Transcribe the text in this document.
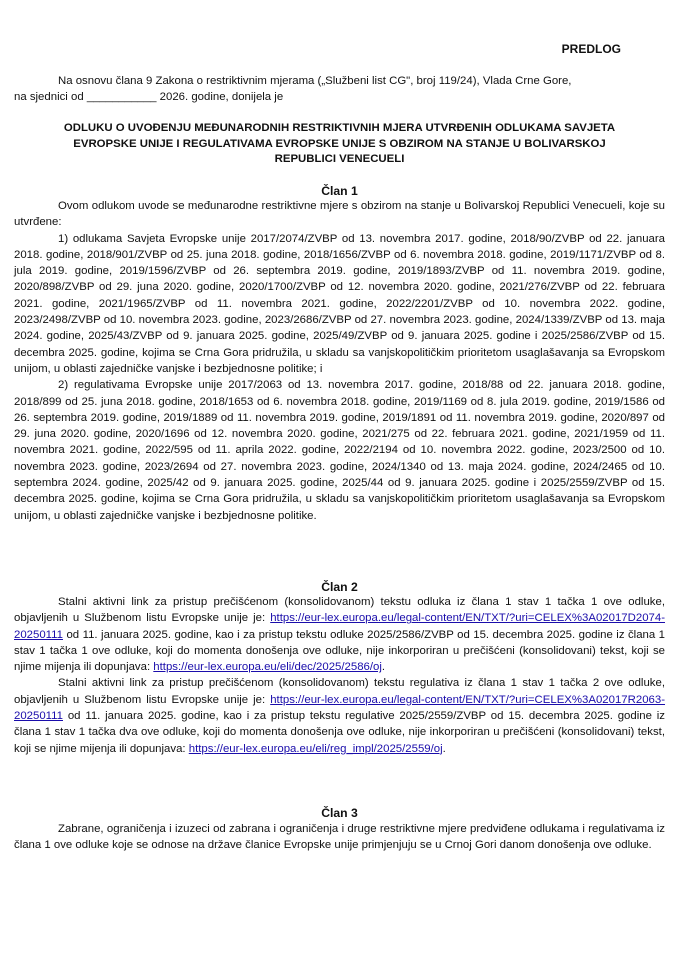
PREDLOG

Na osnovu člana 9 Zakona o restriktivnim mjerama („Službeni list CG", broj 119/24), Vlada Crne Gore,

na sjednici od ___________ 2026. godine, donijela je

ODLUKU O UVOĐENJU MEĐUNARODNIH RESTRIKTIVNIH MJERA UTVRĐENIH ODLUKAMA SAVJETA
EVROPSKE UNIJE I REGULATIVAMA EVROPSKE UNIJE S OBZIROM NA STANJE U BOLIVARSKOJ
REPUBLICI VENECUELI
Član 1

Ovom odlukom uvode se međunarodne restriktivne mjere s obzirom na stanje u Bolivarskoj Republici Venecueli, koje su utvrđene:

1) odlukama Savjeta Evropske unije 2017/2074/ZVBP od 13. novembra 2017. godine, 2018/90/ZVBP od 22. januara 2018. godine, 2018/901/ZVBP od 25. juna 2018. godine, 2018/1656/ZVBP od 6. novembra 2018. godine, 2019/1171/ZVBP od 8. jula 2019. godine, 2019/1596/ZVBP od 26. septembra 2019. godine, 2019/1893/ZVBP od 11. novembra 2019. godine, 2020/898/ZVBP od 29. juna 2020. godine, 2020/1700/ZVBP od 12. novembra 2020. godine, 2021/276/ZVBP od 22. februara 2021. godine, 2021/1965/ZVBP od 11. novembra 2021. godine, 2022/2201/ZVBP od 10. novembra 2022. godine, 2023/2498/ZVBP od 10. novembra 2023. godine, 2023/2686/ZVBP od 27. novembra 2023. godine, 2024/1339/ZVBP od 13. maja 2024. godine, 2025/43/ZVBP od 9. januara 2025. godine, 2025/49/ZVBP od 9. januara 2025. godine i 2025/2586/ZVBP od 15. decembra 2025. godine, kojima se Crna Gora pridružila, u skladu sa vanjskopolitičkim prioritetom usaglašavanja sa Evropskom unijom, u oblasti zajedničke vanjske i bezbjednosne politike; i

2) regulativama Evropske unije 2017/2063 od 13. novembra 2017. godine, 2018/88 od 22. januara 2018. godine, 2018/899 od 25. juna 2018. godine, 2018/1653 od 6. novembra 2018. godine, 2019/1169 od 8. jula 2019. godine, 2019/1586 od 26. septembra 2019. godine, 2019/1889 od 11. novembra 2019. godine, 2019/1891 od 11. novembra 2019. godine, 2020/897 od 29. juna 2020. godine, 2020/1696 od 12. novembra 2020. godine, 2021/275 od 22. februara 2021. godine, 2021/1959 od 11. novembra 2021. godine, 2022/595 od 11. aprila 2022. godine, 2022/2194 od 10. novembra 2022. godine, 2023/2500 od 10. novembra 2023. godine, 2023/2694 od 27. novembra 2023. godine, 2024/1340 od 13. maja 2024. godine, 2024/2465 od 10. septembra 2024. godine, 2025/42 od 9. januara 2025. godine, 2025/44 od 9. januara 2025. godine i 2025/2559/ZVBP od 15. decembra 2025. godine, kojima se Crna Gora pridružila, u skladu sa vanjskopolitičkim prioritetom usaglašavanja sa Evropskom unijom, u oblasti zajedničke vanjske i bezbjednosne politike.

Član 2

Stalni aktivni link za pristup prečišćenom (konsolidovanom) tekstu odluka iz člana 1 stav 1 tačka 1 ove odluke, objavljenih u Službenom listu Evropske unije je: https://eur-lex.europa.eu/legal-content/EN/TXT/?uri=CELEX%3A02017D2074-20250111 od 11. januara 2025. godine, kao i za pristup tekstu odluke 2025/2586/ZVBP od 15. decembra 2025. godine iz člana 1 stav 1 tačka 1 ove odluke, koji do momenta donošenja ove odluke, nije inkorporiran u prečišćeni (konsolidovani) tekst, koji se njime mijenja ili dopunjava: https://eur-lex.europa.eu/eli/dec/2025/2586/oj.

Stalni aktivni link za pristup prečišćenom (konsolidovanom) tekstu regulativa iz člana 1 stav 1 tačka 2 ove odluke, objavljenih u Službenom listu Evropske unije je: https://eur-lex.europa.eu/legal-content/EN/TXT/?uri=CELEX%3A02017R2063-20250111 od 11. januara 2025. godine, kao i za pristup tekstu regulative 2025/2559/ZVBP od 15. decembra 2025. godine iz člana 1 stav 1 tačka dva ove odluke, koji do momenta donošenja ove odluke, nije inkorporiran u prečišćeni (konsolidovani) tekst, koji se njime mijenja ili dopunjava: https://eur-lex.europa.eu/eli/reg_impl/2025/2559/oj.

Član 3

Zabrane, ograničenja i izuzeci od zabrana i ograničenja i druge restriktivne mjere predviđene odlukama i regulativama iz člana 1 ove odluke koje se odnose na države članice Evropske unije primjenjuju se u Crnoj Gori danom donošenja ove odluke.
